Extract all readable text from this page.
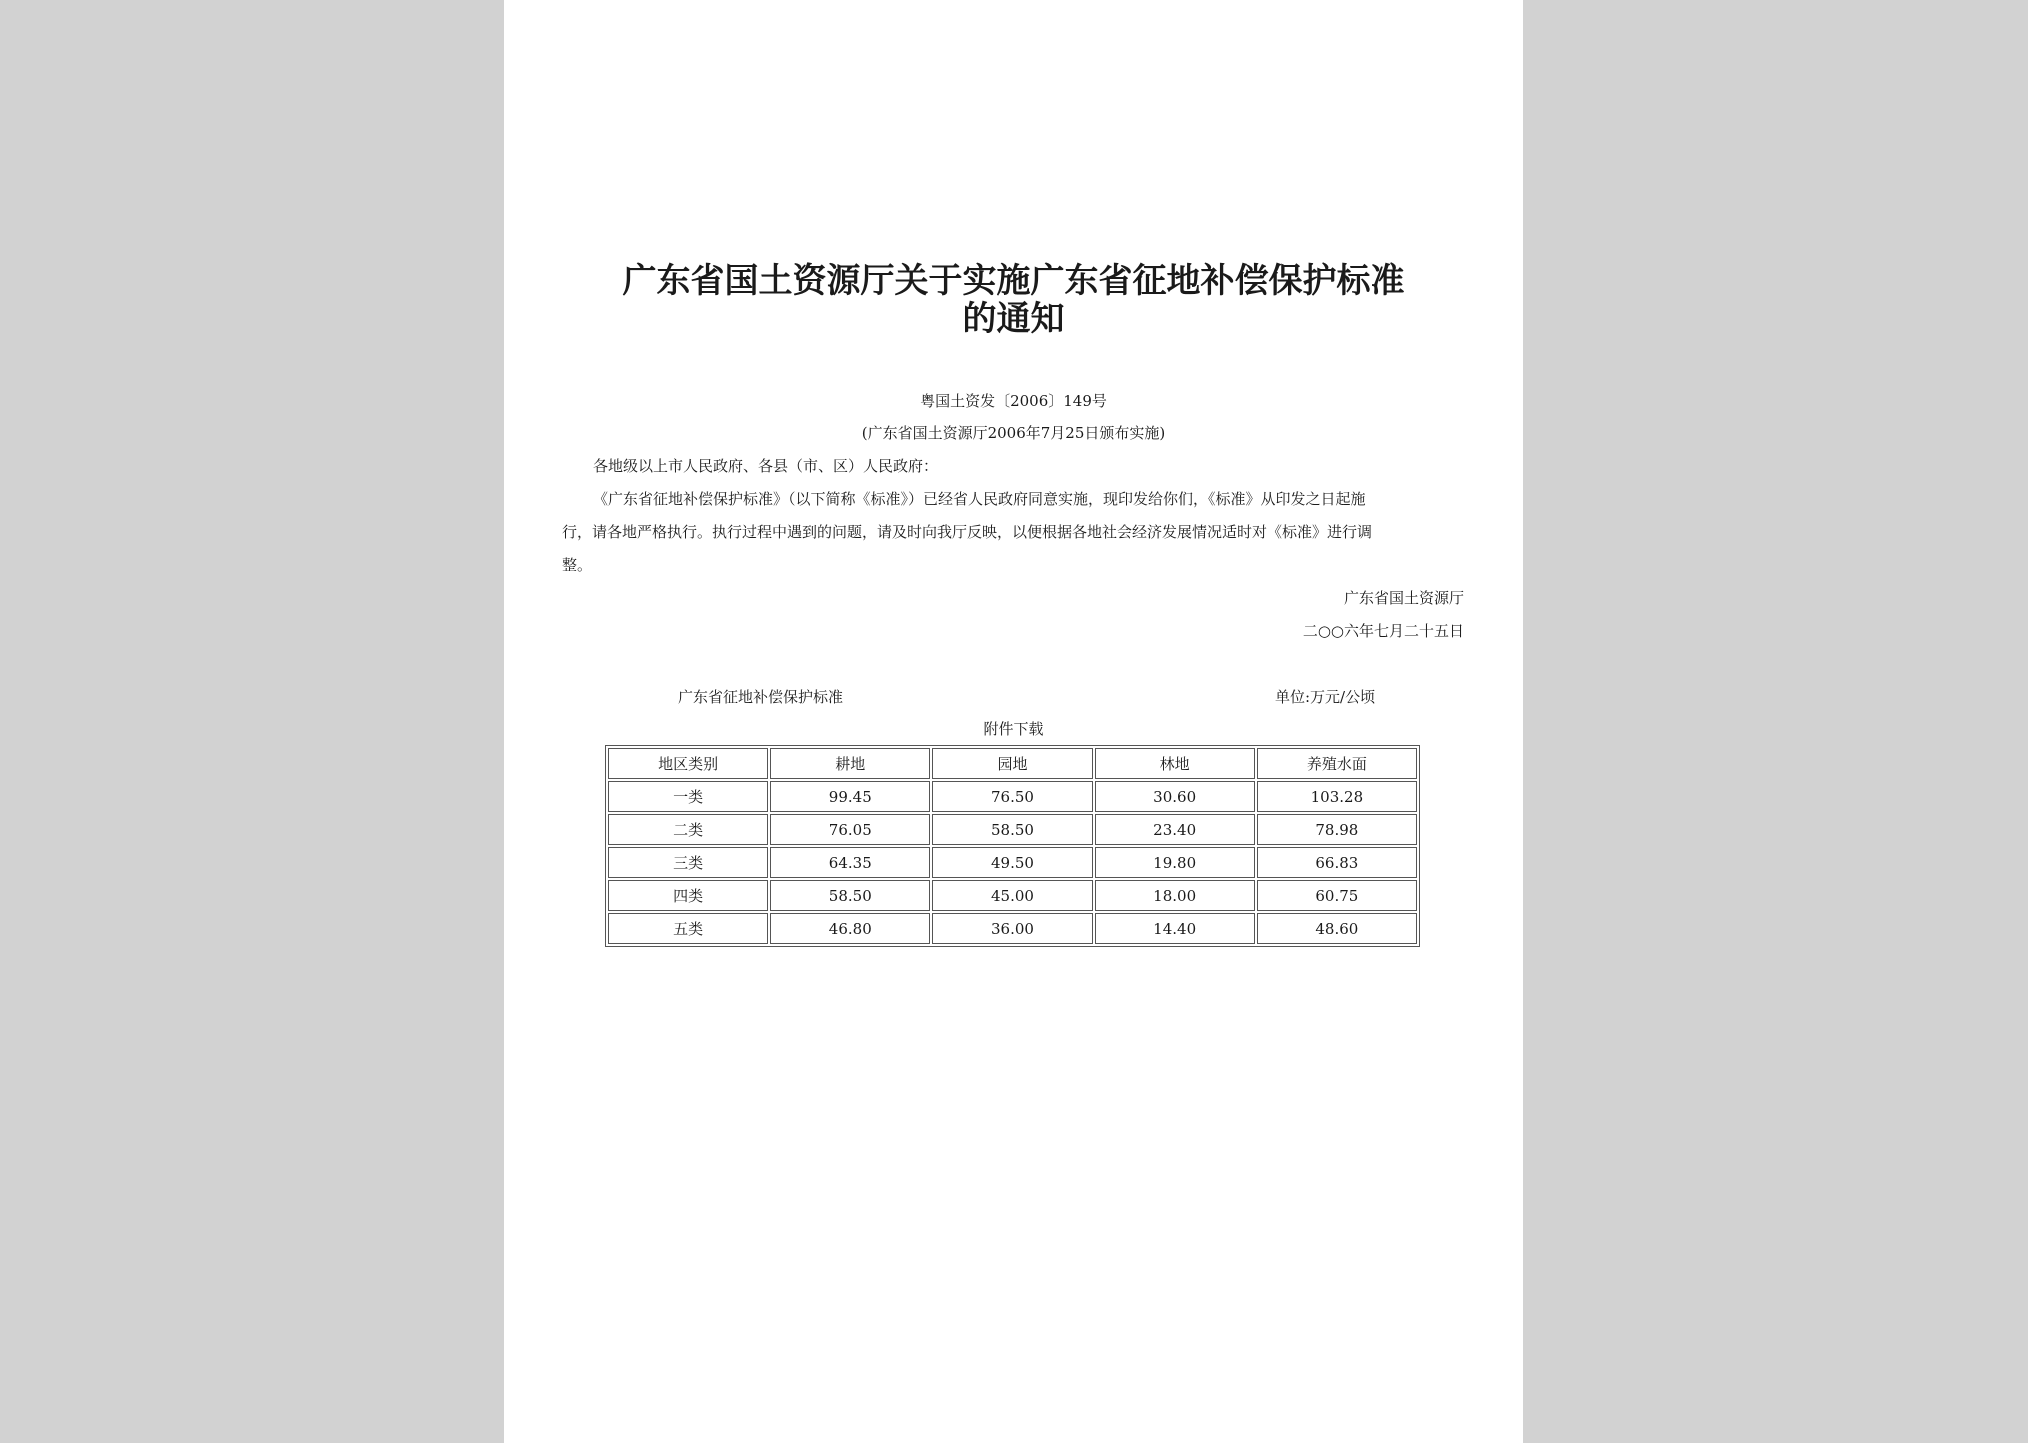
广东省国土资源厅关于实施广东省征地补偿保护标准
的通知
粤国土资发〔2006〕149号
(广东省国土资源厅2006年7月25日颁布实施)
各地级以上市人民政府、各县（市、区）人民政府：
《广东省征地补偿保护标准》（以下简称《标准》）已经省人民政府同意实施，现印发给你们，《标准》从印发之日起施
行，请各地严格执行。执行过程中遇到的问题，请及时向我厅反映，以便根据各地社会经济发展情况适时对《标准》进行调
整。
广东省国土资源厅
二○○六年七月二十五日
广东省征地补偿保护标准	单位:万元/公顷
附件下载
地区类别	耕地	园地	林地	养殖水面
一类	99.45	76.50	30.60	103.28
二类	76.05	58.50	23.40	78.98
三类	64.35	49.50	19.80	66.83
四类	58.50	45.00	18.00	60.75
五类	46.80	36.00	14.40	48.60
